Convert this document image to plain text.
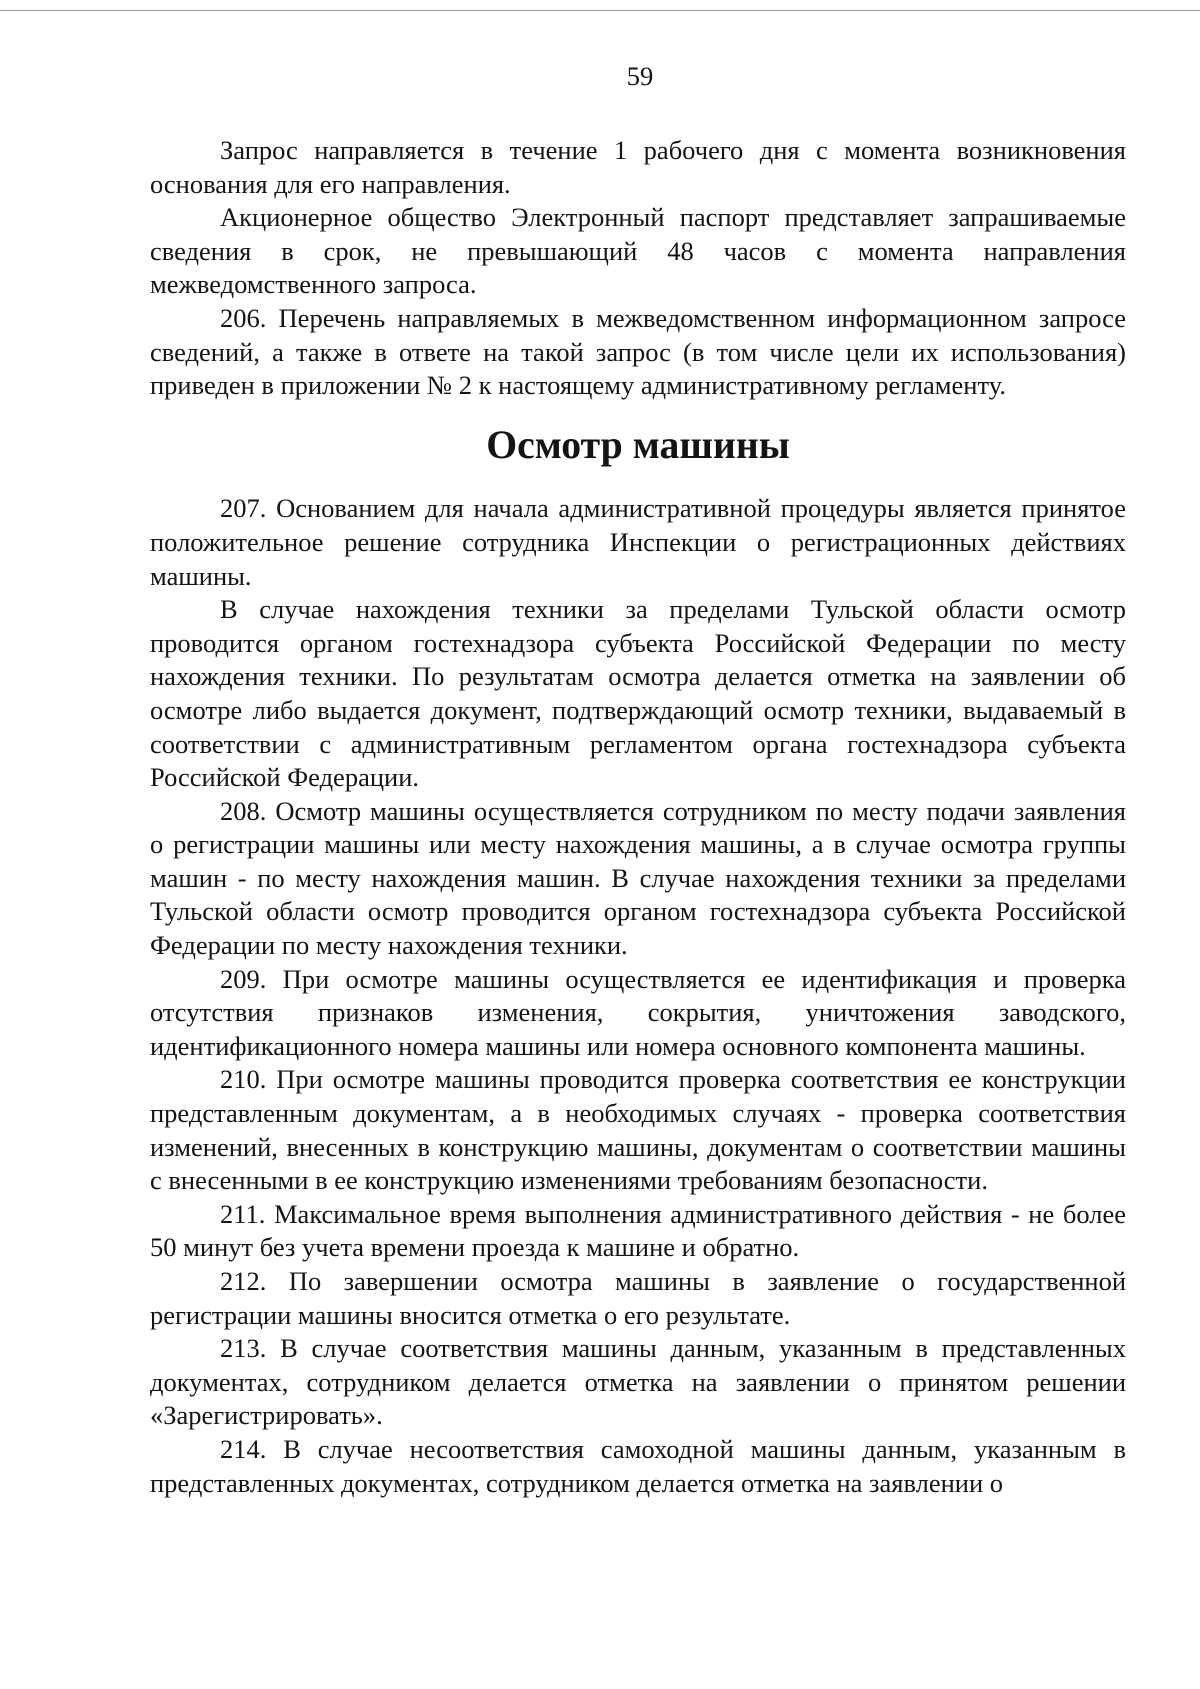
59

Запрос направляется в течение 1 рабочего дня с момента возникновения основания для его направления.

Акционерное общество Электронный паспорт представляет запрашиваемые сведения в срок, не превышающий 48 часов с момента направления межведомственного запроса.

206. Перечень направляемых в межведомственном информационном запросе сведений, а также в ответе на такой запрос (в том числе цели их использования) приведен в приложении № 2 к настоящему административному регламенту.

Осмотр машины

207. Основанием для начала административной процедуры является принятое положительное решение сотрудника Инспекции о регистрационных действиях машины.

В случае нахождения техники за пределами Тульской области осмотр проводится органом гостехнадзора субъекта Российской Федерации по месту нахождения техники. По результатам осмотра делается отметка на заявлении об осмотре либо выдается документ, подтверждающий осмотр техники, выдаваемый в соответствии с административным регламентом органа гостехнадзора субъекта Российской Федерации.

208. Осмотр машины осуществляется сотрудником по месту подачи заявления о регистрации машины или месту нахождения машины, а в случае осмотра группы машин - по месту нахождения машин. В случае нахождения техники за пределами Тульской области осмотр проводится органом гостехнадзора субъекта Российской Федерации по месту нахождения техники.

209. При осмотре машины осуществляется ее идентификация и проверка отсутствия признаков изменения, сокрытия, уничтожения заводского, идентификационного номера машины или номера основного компонента машины.

210. При осмотре машины проводится проверка соответствия ее конструкции представленным документам, а в необходимых случаях - проверка соответствия изменений, внесенных в конструкцию машины, документам о соответствии машины с внесенными в ее конструкцию изменениями требованиям безопасности.

211. Максимальное время выполнения административного действия - не более 50 минут без учета времени проезда к машине и обратно.

212. По завершении осмотра машины в заявление о государственной регистрации машины вносится отметка о его результате.

213. В случае соответствия машины данным, указанным в представленных документах, сотрудником делается отметка на заявлении о принятом решении «Зарегистрировать».

214. В случае несоответствия самоходной машины данным, указанным в представленных документах, сотрудником делается отметка на заявлении о
